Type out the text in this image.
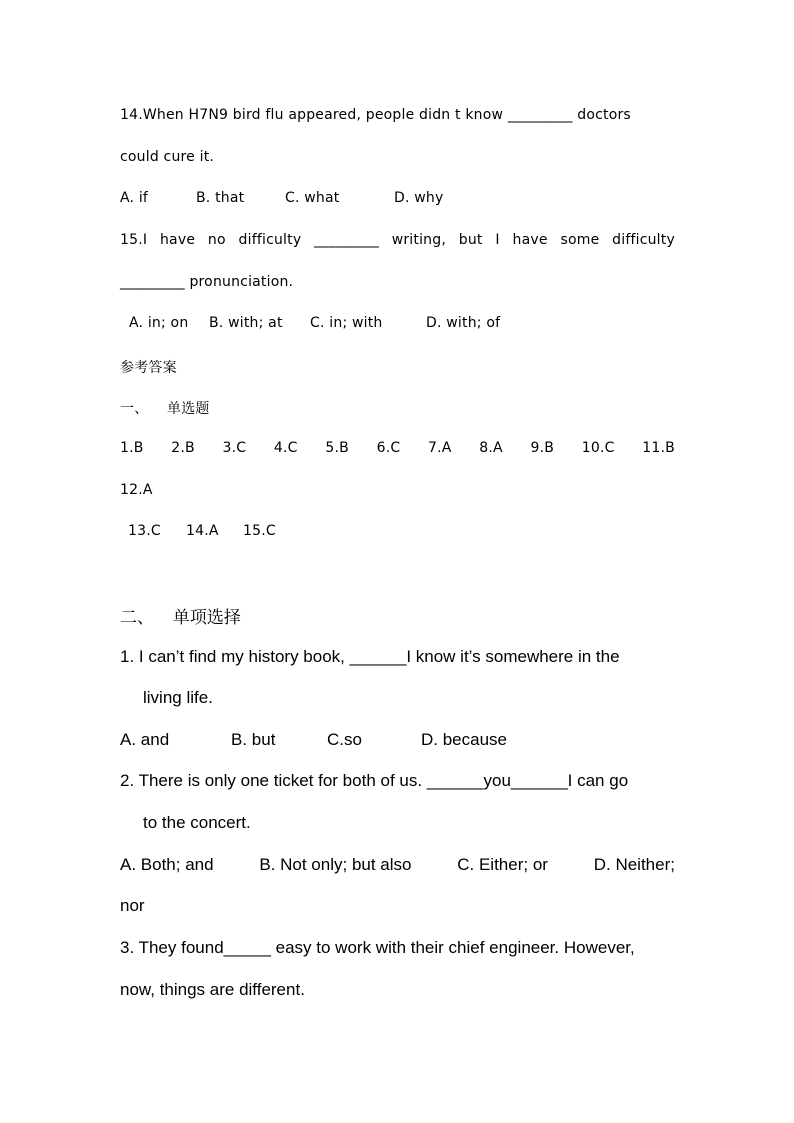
14.When H7N9 bird flu appeared, people didn t know _________ doctors
could cure it.
A. if	B. that	C. what	D. why
15.I have no difficulty _________ writing, but I have some difficulty
_________ pronunciation.
A. in; on	B. with; at	C. in; with	D. with; of
参考答案
一、    单选题
1.B 2.B 3.C 4.C 5.B 6.C 7.A 8.A 9.B 10.C 11.B
12.A
13.C	14.A	15.C
二、    单项选择
1. I can’t find my history book, ______I know it’s somewhere in the
living life.
A. and	B. but	C.so	D. because
2. There is only one ticket for both of us. ______you______I can go
to the concert.
A. Both; and	B. Not only; but also	C. Either; or	D. Neither;
nor
3. They found_____ easy to work with their chief engineer. However,
now, things are different.
